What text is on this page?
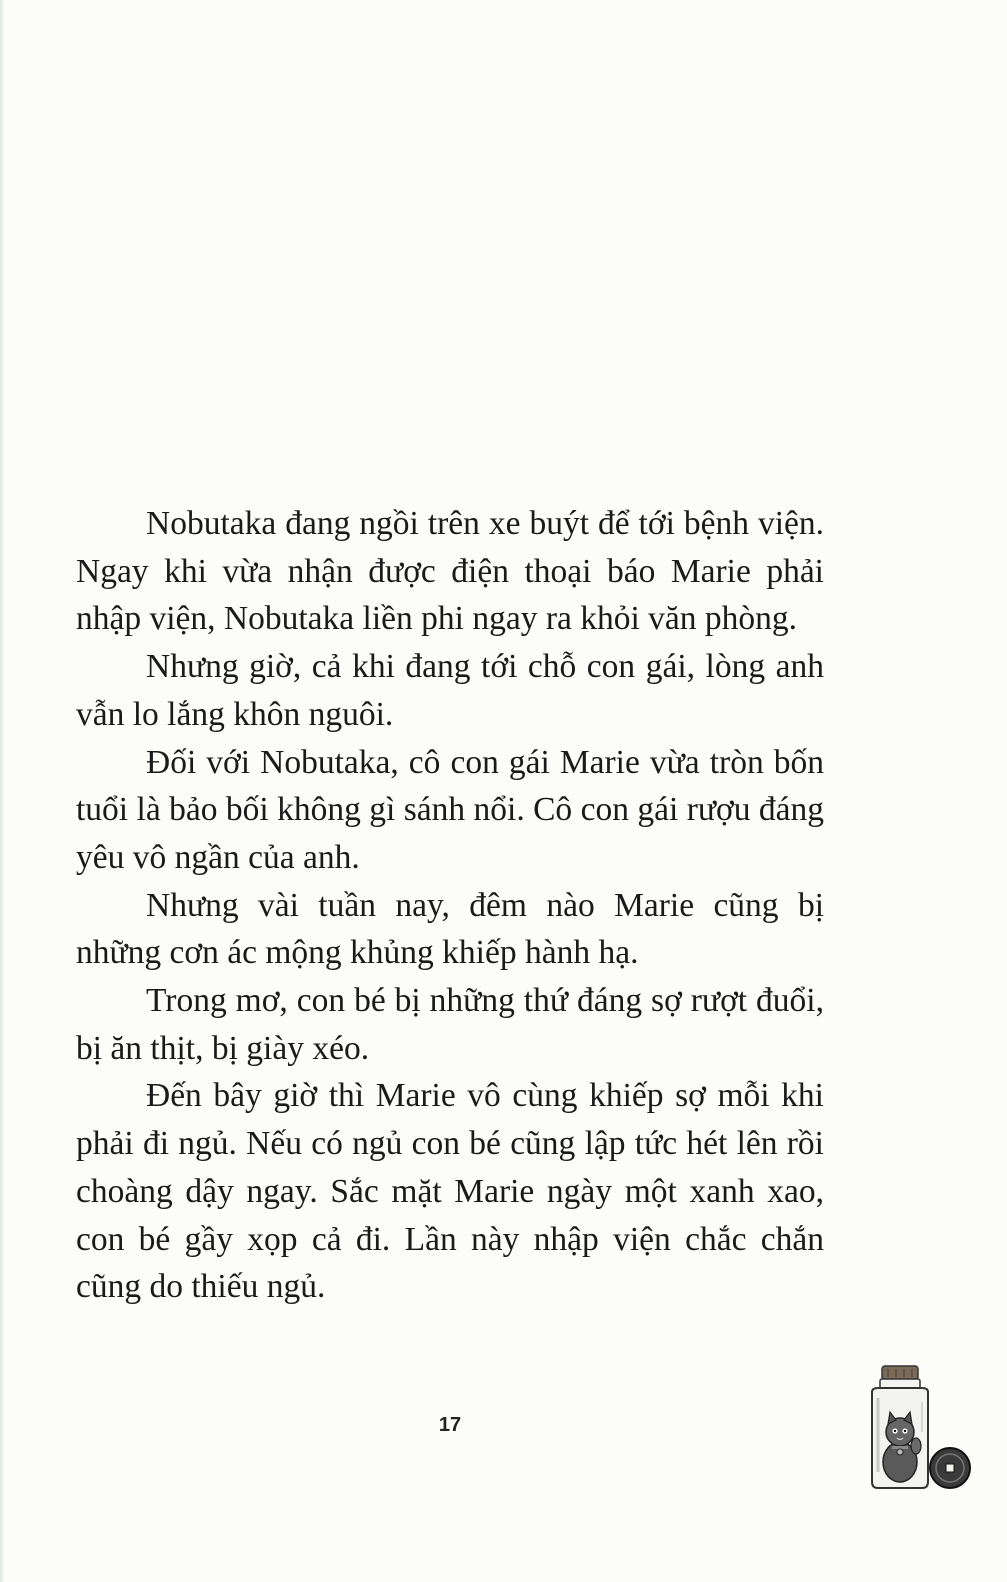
Nobutaka đang ngồi trên xe buýt để tới bệnh viện. Ngay khi vừa nhận được điện thoại báo Marie phải nhập viện, Nobutaka liền phi ngay ra khỏi văn phòng.

Nhưng giờ, cả khi đang tới chỗ con gái, lòng anh vẫn lo lắng khôn nguôi.

Đối với Nobutaka, cô con gái Marie vừa tròn bốn tuổi là bảo bối không gì sánh nổi. Cô con gái rượu đáng yêu vô ngần của anh.

Nhưng vài tuần nay, đêm nào Marie cũng bị những cơn ác mộng khủng khiếp hành hạ.

Trong mơ, con bé bị những thứ đáng sợ rượt đuổi, bị ăn thịt, bị giày xéo.

Đến bây giờ thì Marie vô cùng khiếp sợ mỗi khi phải đi ngủ. Nếu có ngủ con bé cũng lập tức hét lên rồi choàng dậy ngay. Sắc mặt Marie ngày một xanh xao, con bé gầy xọp cả đi. Lần này nhập viện chắc chắn cũng do thiếu ngủ.

17
